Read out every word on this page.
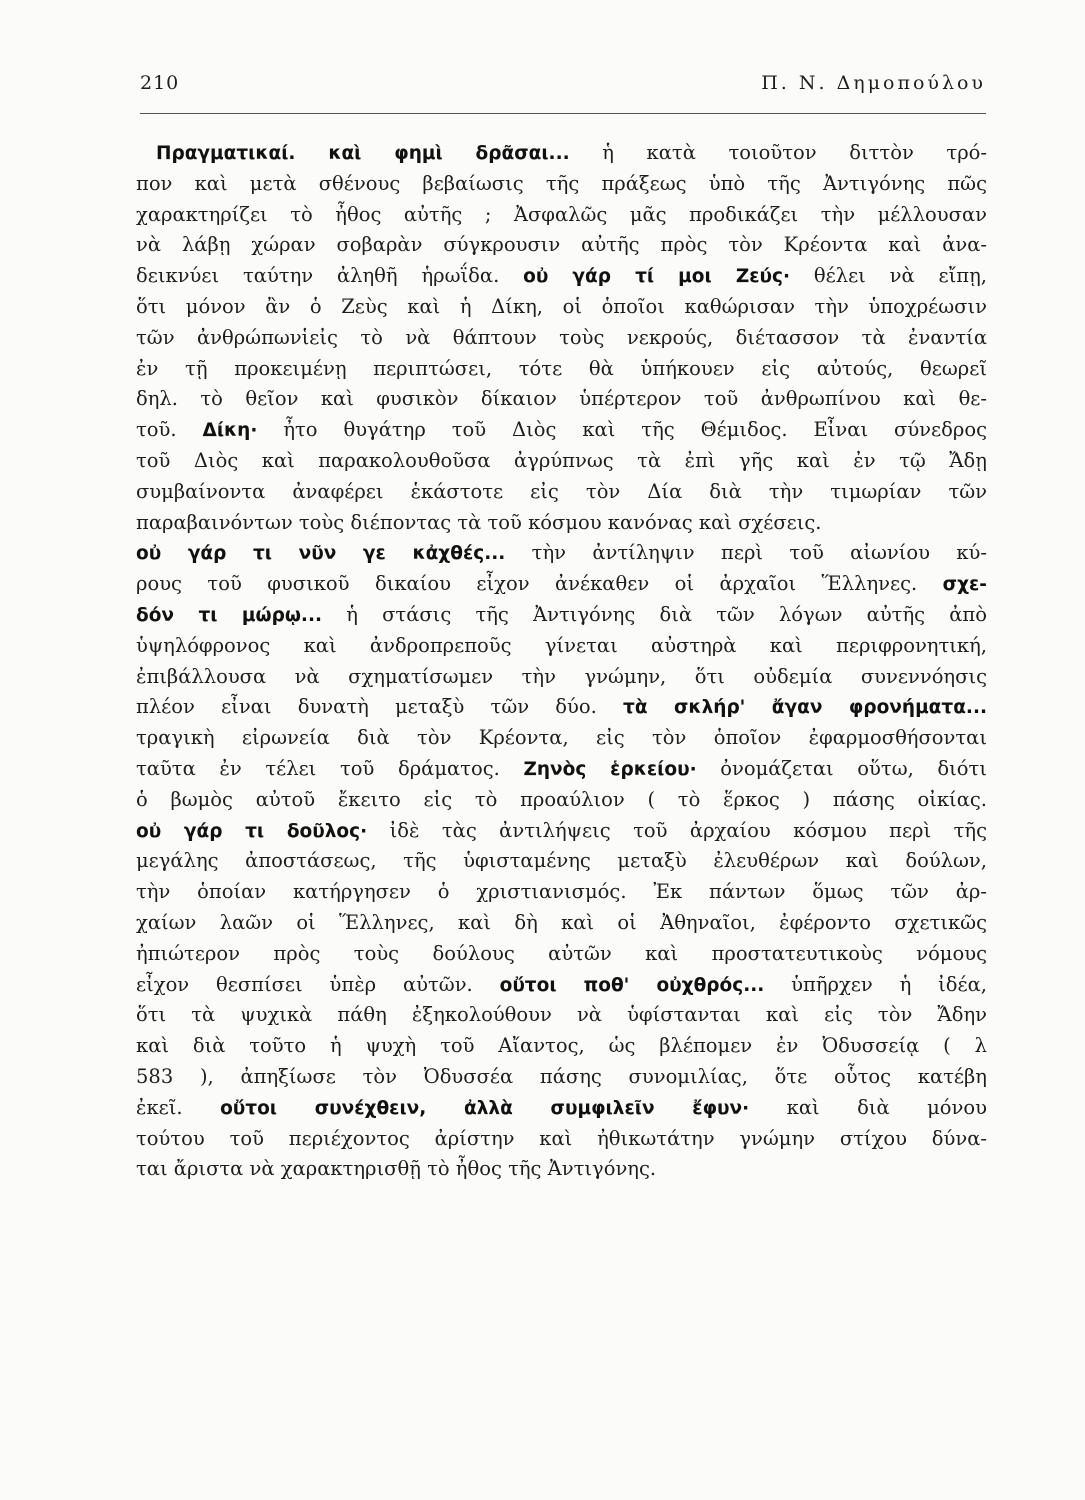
210	Π. Ν. Δημοπούλου
Πραγματικαί. καὶ φημὶ δρᾶσαι... ἡ κατὰ τοιοῦτον διττὸν τρό-
πον καὶ μετὰ σθένους βεβαίωσις τῆς πράξεως ὑπὸ τῆς Ἀντιγόνης πῶς
χαρακτηρίζει τὸ ἦθος αὐτῆς ; Ἀσφαλῶς μᾶς προδικάζει τὴν μέλλουσαν
νὰ λάβῃ χώραν σοβαρὰν σύγκρουσιν αὐτῆς πρὸς τὸν Κρέοντα καὶ ἀνα-
δεικνύει ταύτην ἀληθῆ ἡρωΐδα. οὐ γάρ τί μοι Ζεύς· θέλει νὰ εἴπῃ,
ὅτι μόνον ἂν ὁ Ζεὺς καὶ ἡ Δίκη, οἱ ὁποῖοι καθώρισαν τὴν ὑποχρέωσιν
τῶν ἀνθρώπωνἱεἰς τὸ νὰ θάπτουν τοὺς νεκρούς, διέτασσον τὰ ἐναντία
ἐν τῇ προκειμένῃ περιπτώσει, τότε θὰ ὑπήκουεν εἰς αὐτούς, θεωρεῖ
δηλ. τὸ θεῖον καὶ φυσικὸν δίκαιον ὑπέρτερον τοῦ ἀνθρωπίνου καὶ θε-
τοῦ. Δίκη· ἦτο θυγάτηρ τοῦ Διὸς καὶ τῆς Θέμιδος. Εἶναι σύνεδρος
τοῦ Διὸς καὶ παρακολουθοῦσα ἀγρύπνως τὰ ἐπὶ γῆς καὶ ἐν τῷ Ἄδῃ
συμβαίνοντα ἀναφέρει ἑκάστοτε εἰς τὸν Δία διὰ τὴν τιμωρίαν τῶν
παραβαινόντων τοὺς διέποντας τὰ τοῦ κόσμου κανόνας καὶ σχέσεις.
οὐ γάρ τι νῦν γε κἀχθές... τὴν ἀντίληψιν περὶ τοῦ αἰωνίου κύ-
ρους τοῦ φυσικοῦ δικαίου εἶχον ἀνέκαθεν οἱ ἀρχαῖοι Ἕλληνες. σχε-
δόν τι μώρῳ... ἡ στάσις τῆς Ἀντιγόνης διὰ τῶν λόγων αὐτῆς ἀπὸ
ὑψηλόφρονος καὶ ἀνδροπρεποῦς γίνεται αὐστηρὰ καὶ περιφρονητική,
ἐπιβάλλουσα νὰ σχηματίσωμεν τὴν γνώμην, ὅτι οὐδεμία συνεννόησις
πλέον εἶναι δυνατὴ μεταξὺ τῶν δύο. τὰ σκλήρ' ἄγαν φρονήματα...
τραγικὴ εἰρωνεία διὰ τὸν Κρέοντα, εἰς τὸν ὁποῖον ἐφαρμοσθήσονται
ταῦτα ἐν τέλει τοῦ δράματος. Ζηνὸς ἑρκείου· ὀνομάζεται οὕτω, διότι
ὁ βωμὸς αὐτοῦ ἔκειτο εἰς τὸ προαύλιον ( τὸ ἕρκος ) πάσης οἰκίας.
οὐ γάρ τι δοῦλος· ἰδὲ τὰς ἀντιλήψεις τοῦ ἀρχαίου κόσμου περὶ τῆς
μεγάλης ἀποστάσεως, τῆς ὑφισταμένης μεταξὺ ἐλευθέρων καὶ δούλων,
τὴν ὁποίαν κατήργησεν ὁ χριστιανισμός. Ἐκ πάντων ὅμως τῶν ἀρ-
χαίων λαῶν οἱ Ἕλληνες, καὶ δὴ καὶ οἱ Ἀθηναῖοι, ἐφέροντο σχετικῶς
ἠπιώτερον πρὸς τοὺς δούλους αὐτῶν καὶ προστατευτικοὺς νόμους
εἶχον θεσπίσει ὑπὲρ αὐτῶν. οὔτοι ποθ' οὐχθρός... ὑπῆρχεν ἡ ἰδέα,
ὅτι τὰ ψυχικὰ πάθη ἐξηκολούθουν νὰ ὑφίστανται καὶ εἰς τὸν Ἄδην
καὶ διὰ τοῦτο ἡ ψυχὴ τοῦ Αἴαντος, ὡς βλέπομεν ἐν Ὀδυσσείᾳ ( λ
583 ), ἀπηξίωσε τὸν Ὀδυσσέα πάσης συνομιλίας, ὅτε οὗτος κατέβη
ἐκεῖ. οὔτοι συνέχθειν, ἀλλὰ συμφιλεῖν ἔφυν· καὶ διὰ μόνου
τούτου τοῦ περιέχοντος ἀρίστην καὶ ἠθικωτάτην γνώμην στίχου δύνα-
ται ἄριστα νὰ χαρακτηρισθῇ τὸ ἦθος τῆς Ἀντιγόνης.
